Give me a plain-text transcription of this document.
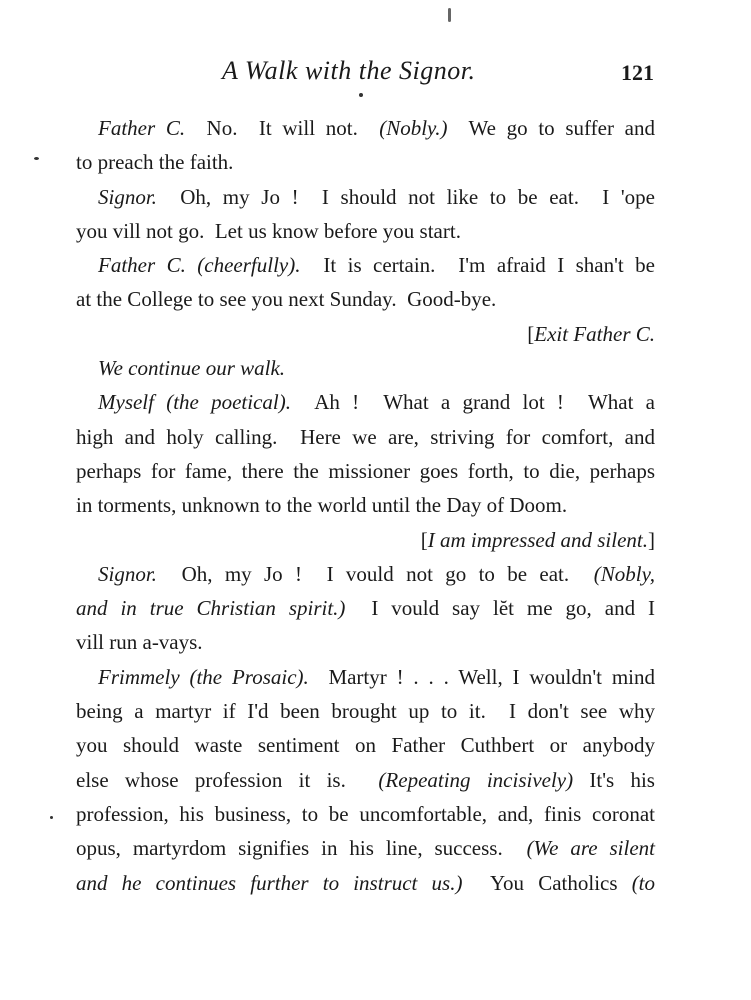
A Walk with the Signor.	121
Father C.  No.  It will not.  (Nobly.)  We go to suffer and
to preach the faith.
Signor.  Oh, my Jo !  I should not like to be eat.  I 'ope
you vill not go.  Let us know before you start.
Father C. (cheerfully).  It is certain.  I'm afraid I shan't be
at the College to see you next Sunday.  Good-bye.
[Exit Father C.
We continue our walk.
Myself (the poetical).  Ah !  What a grand lot !  What a
high and holy calling.  Here we are, striving for comfort, and
perhaps for fame, there the missioner goes forth, to die, perhaps
in torments, unknown to the world until the Day of Doom.
[I am impressed and silent.]
Signor.  Oh, my Jo !  I vould not go to be eat.  (Nobly,
and in true Christian spirit.)  I vould say lĕt me go, and I
vill run a-vays.
Frimmely (the Prosaic).  Martyr ! . . . Well, I wouldn't mind
being a martyr if I'd been brought up to it.  I don't see why
you should waste sentiment on Father Cuthbert or anybody
else whose profession it is.  (Repeating incisively) It's his
profession, his business, to be uncomfortable, and, finis coronat
opus, martyrdom signifies in his line, success.  (We are silent
and he continues further to instruct us.)  You Catholics (to
